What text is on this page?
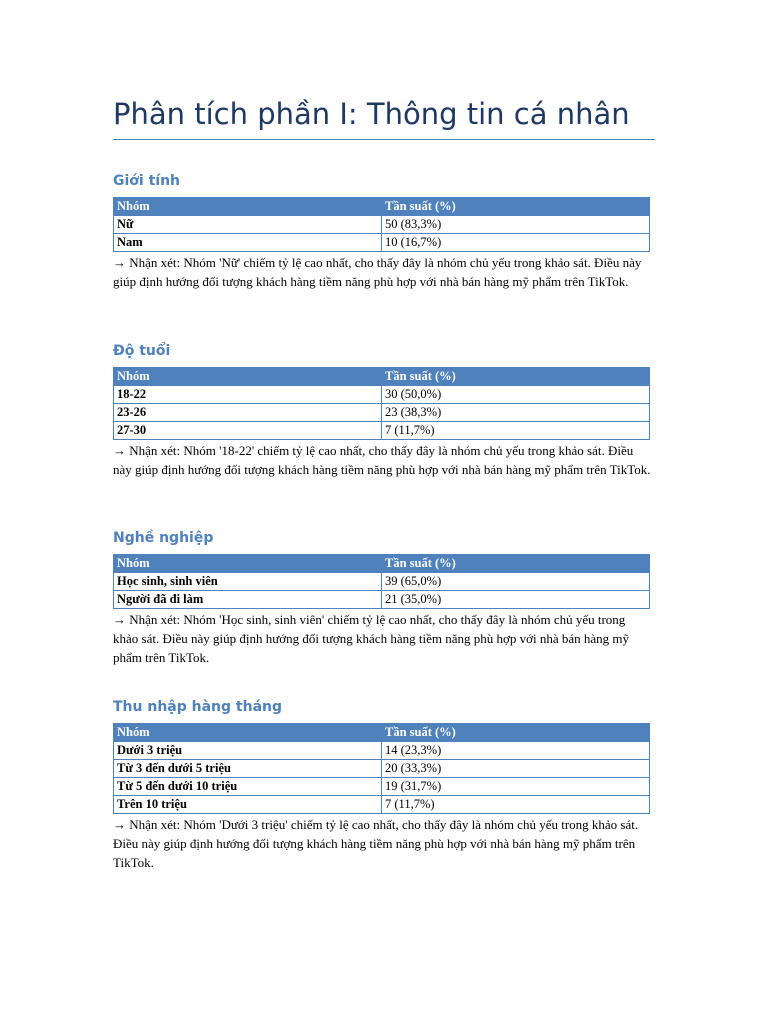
Phân tích phần I: Thông tin cá nhân
Giới tính
Nhóm	Tần suất (%)
Nữ	50 (83,3%)
Nam	10 (16,7%)
→ Nhận xét: Nhóm 'Nữ' chiếm tỷ lệ cao nhất, cho thấy đây là nhóm chủ yếu trong khảo sát. Điều này giúp định hướng đối tượng khách hàng tiềm năng phù hợp với nhà bán hàng mỹ phẩm trên TikTok.
Độ tuổi
Nhóm	Tần suất (%)
18-22	30 (50,0%)
23-26	23 (38,3%)
27-30	7 (11,7%)
→ Nhận xét: Nhóm '18-22' chiếm tỷ lệ cao nhất, cho thấy đây là nhóm chủ yếu trong khảo sát. Điều này giúp định hướng đối tượng khách hàng tiềm năng phù hợp với nhà bán hàng mỹ phẩm trên TikTok.
Nghề nghiệp
Nhóm	Tần suất (%)
Học sinh, sinh viên	39 (65,0%)
Người đã đi làm	21 (35,0%)
→ Nhận xét: Nhóm 'Học sinh, sinh viên' chiếm tỷ lệ cao nhất, cho thấy đây là nhóm chủ yếu trong khảo sát. Điều này giúp định hướng đối tượng khách hàng tiềm năng phù hợp với nhà bán hàng mỹ phẩm trên TikTok.
Thu nhập hàng tháng
Nhóm	Tần suất (%)
Dưới 3 triệu	14 (23,3%)
Từ 3 đến dưới 5 triệu	20 (33,3%)
Từ 5 đến dưới 10 triệu	19 (31,7%)
Trên 10 triệu	7 (11,7%)
→ Nhận xét: Nhóm 'Dưới 3 triệu' chiếm tỷ lệ cao nhất, cho thấy đây là nhóm chủ yếu trong khảo sát. Điều này giúp định hướng đối tượng khách hàng tiềm năng phù hợp với nhà bán hàng mỹ phẩm trên TikTok.
